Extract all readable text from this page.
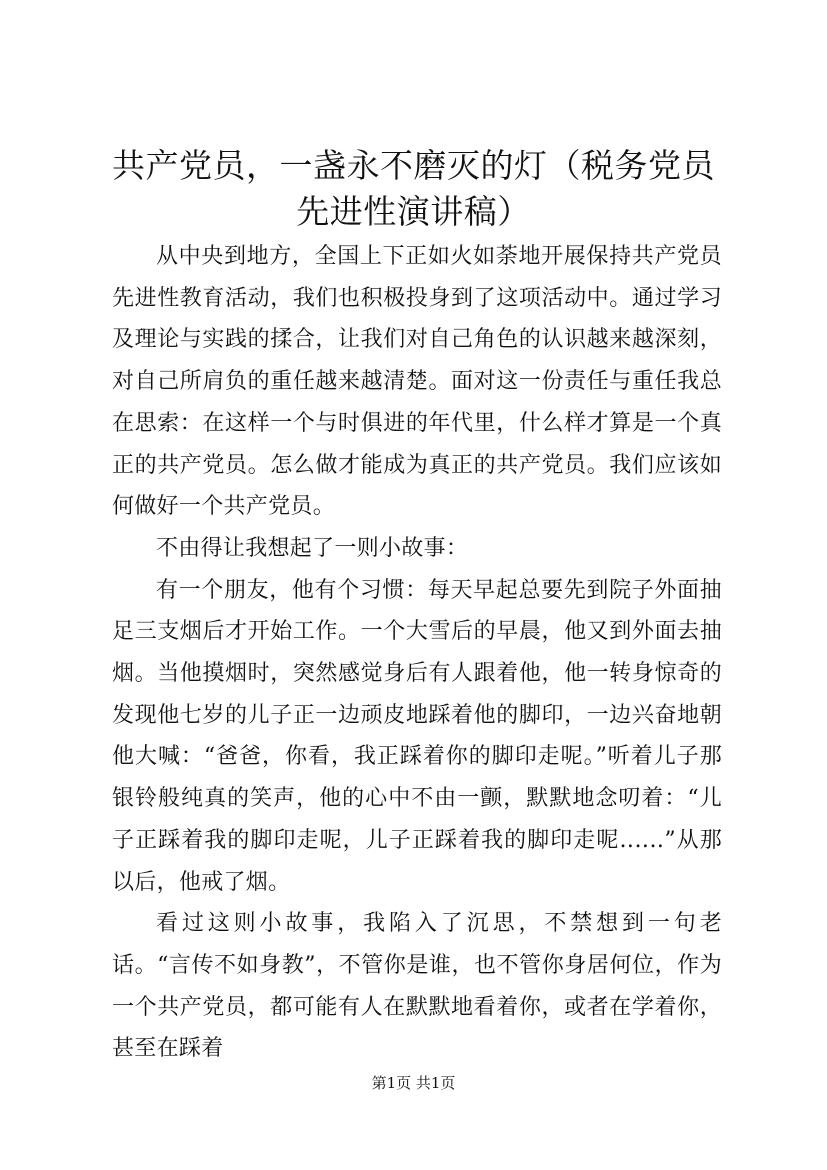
共产党员，一盏永不磨灭的灯（税务党员先进性演讲稿）

从中央到地方，全国上下正如火如荼地开展保持共产党员先进性教育活动，我们也积极投身到了这项活动中。通过学习及理论与实践的揉合，让我们对自己角色的认识越来越深刻，对自己所肩负的重任越来越清楚。面对这一份责任与重任我总在思索：在这样一个与时俱进的年代里，什么样才算是一个真正的共产党员。怎么做才能成为真正的共产党员。我们应该如何做好一个共产党员。

不由得让我想起了一则小故事：

有一个朋友，他有个习惯：每天早起总要先到院子外面抽足三支烟后才开始工作。一个大雪后的早晨，他又到外面去抽烟。当他摸烟时，突然感觉身后有人跟着他，他一转身惊奇的发现他七岁的儿子正一边顽皮地踩着他的脚印，一边兴奋地朝他大喊：“爸爸，你看，我正踩着你的脚印走呢。”听着儿子那银铃般纯真的笑声，他的心中不由一颤，默默地念叨着：“儿子正踩着我的脚印走呢，儿子正踩着我的脚印走呢‥‥‥”从那以后，他戒了烟。

看过这则小故事，我陷入了沉思，不禁想到一句老话。“言传不如身教”，不管你是谁，也不管你身居何位，作为一个共产党员，都可能有人在默默地看着你，或者在学着你，甚至在踩着

第1页 共1页
